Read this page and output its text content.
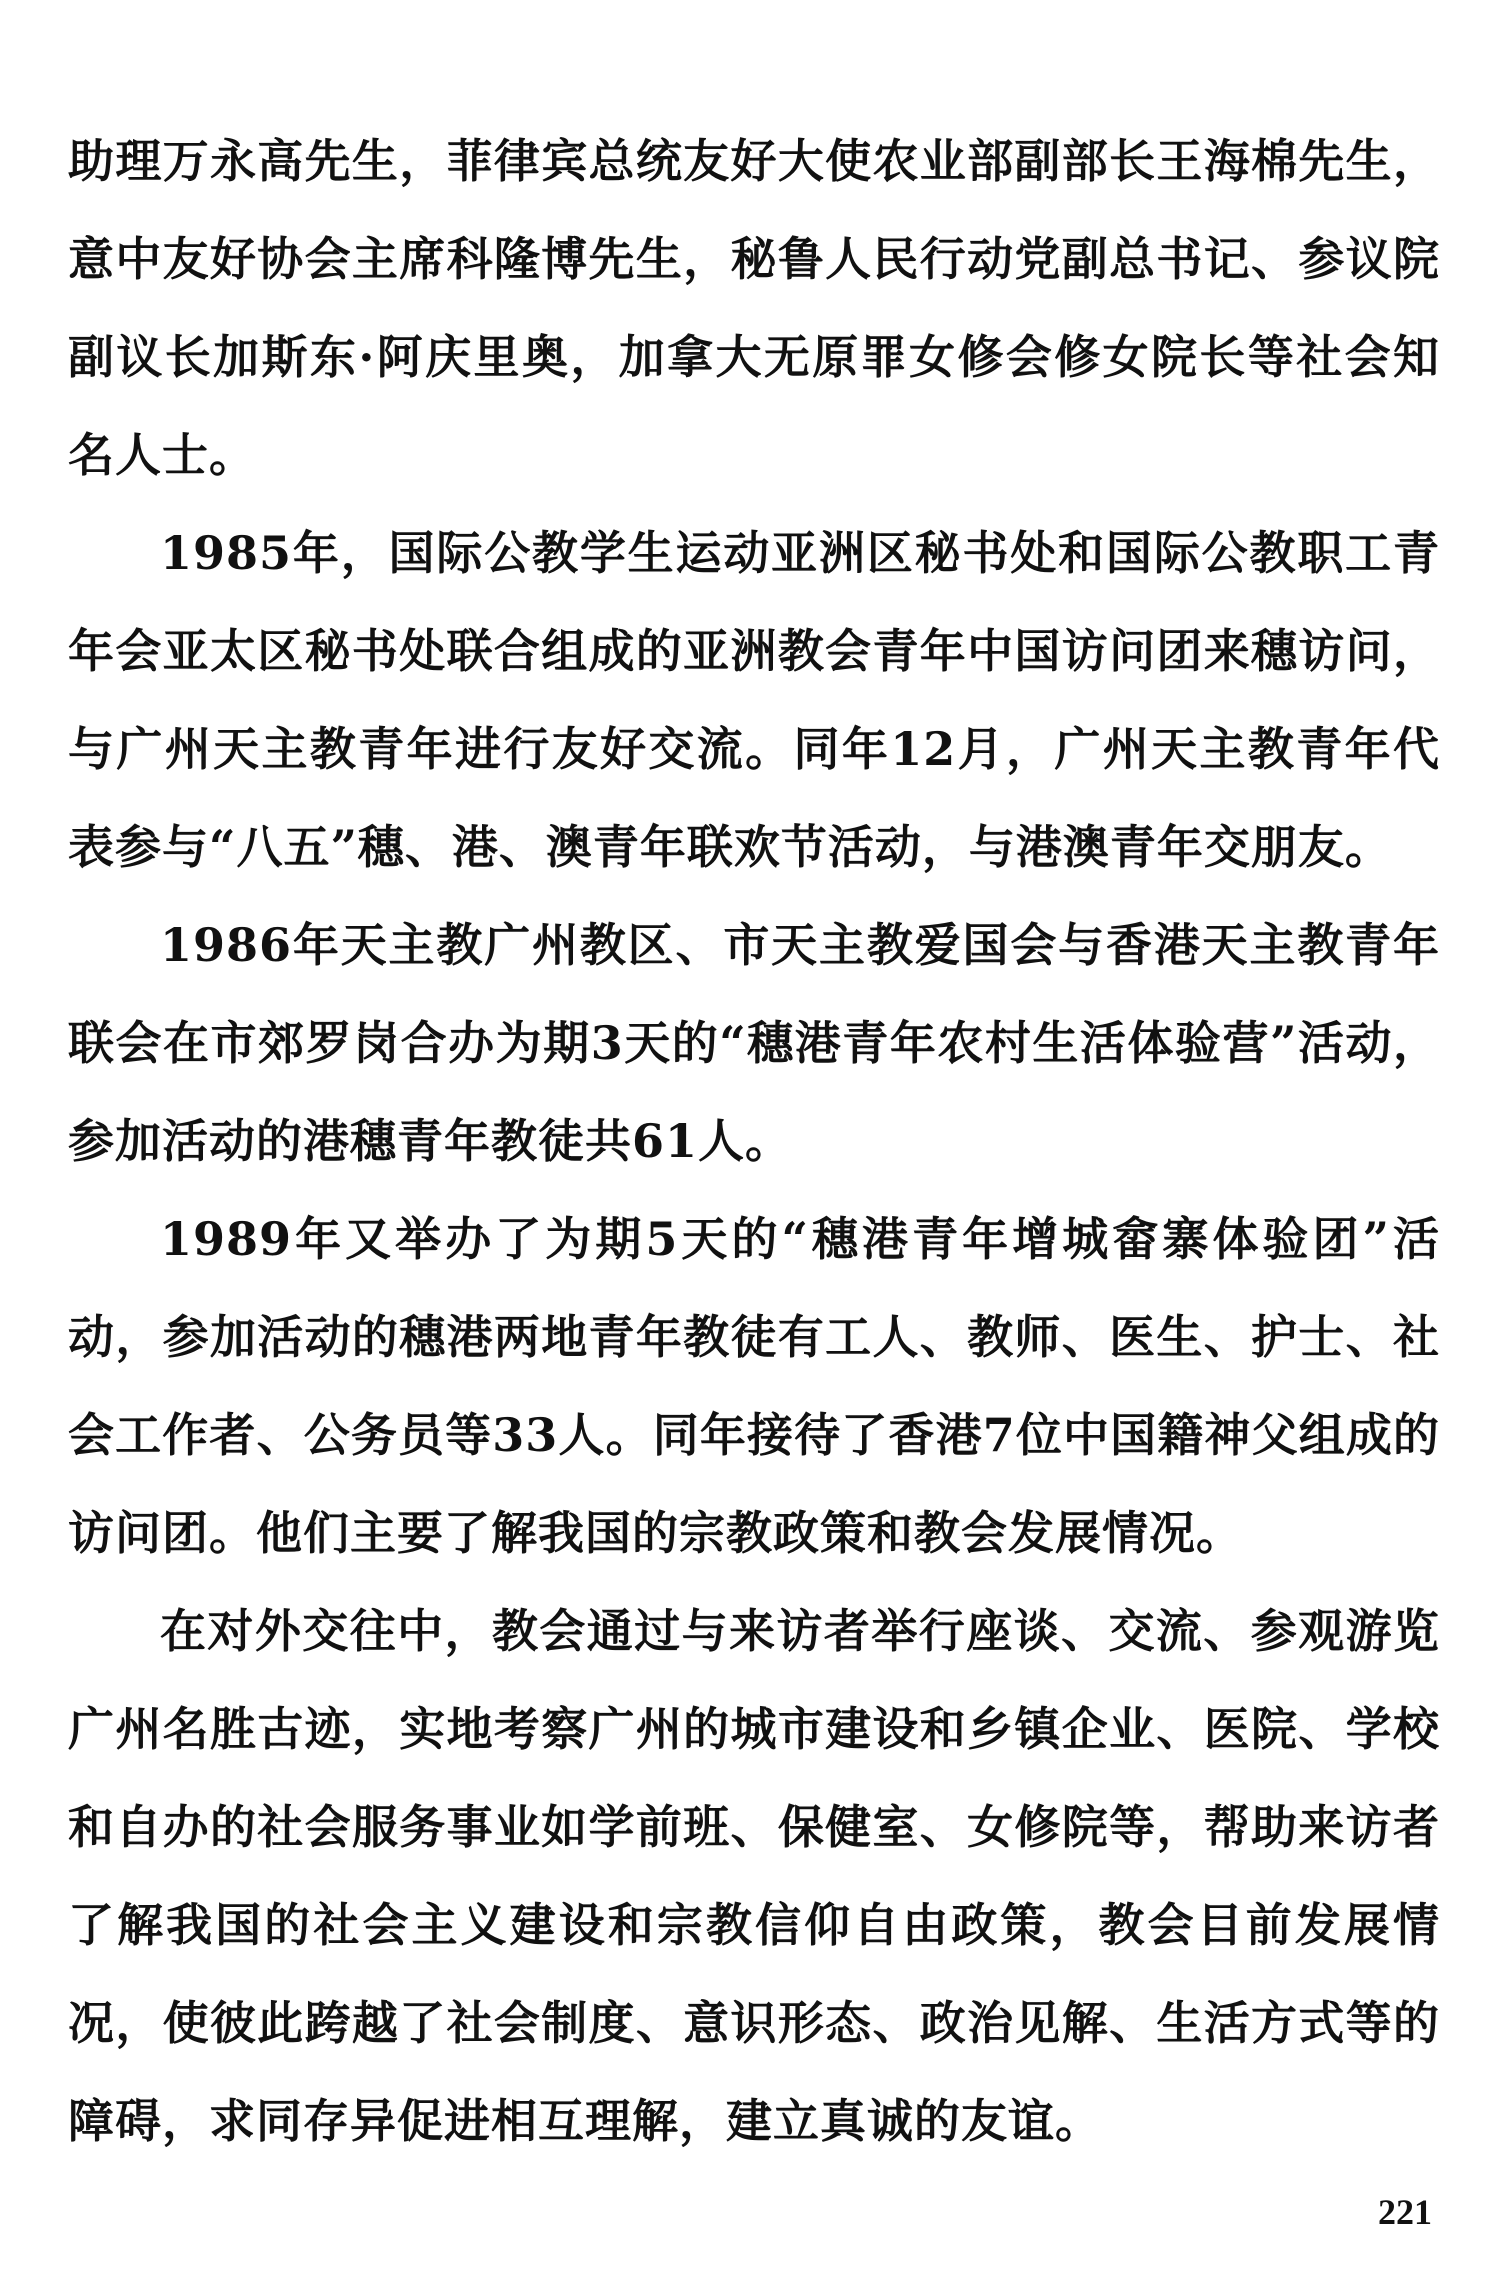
助理万永高先生，菲律宾总统友好大使农业部副部长王海棉先生，意中友好协会主席科隆博先生，秘鲁人民行动党副总书记、参议院副议长加斯东·阿庆里奥，加拿大无原罪女修会修女院长等社会知名人士。

1985年，国际公教学生运动亚洲区秘书处和国际公教职工青年会亚太区秘书处联合组成的亚洲教会青年中国访问团来穗访问，与广州天主教青年进行友好交流。同年12月，广州天主教青年代表参与“八五”穗、港、澳青年联欢节活动，与港澳青年交朋友。

1986年天主教广州教区、市天主教爱国会与香港天主教青年联会在市郊罗岗合办为期3天的“穗港青年农村生活体验营”活动，参加活动的港穗青年教徒共61人。

1989年又举办了为期5天的“穗港青年增城畲寨体验团”活动，参加活动的穗港两地青年教徒有工人、教师、医生、护士、社会工作者、公务员等33人。同年接待了香港7位中国籍神父组成的访问团。他们主要了解我国的宗教政策和教会发展情况。

在对外交往中，教会通过与来访者举行座谈、交流、参观游览广州名胜古迹，实地考察广州的城市建设和乡镇企业、医院、学校和自办的社会服务事业如学前班、保健室、女修院等，帮助来访者了解我国的社会主义建设和宗教信仰自由政策，教会目前发展情况，使彼此跨越了社会制度、意识形态、政治见解、生活方式等的障碍，求同存异促进相互理解，建立真诚的友谊。

221
